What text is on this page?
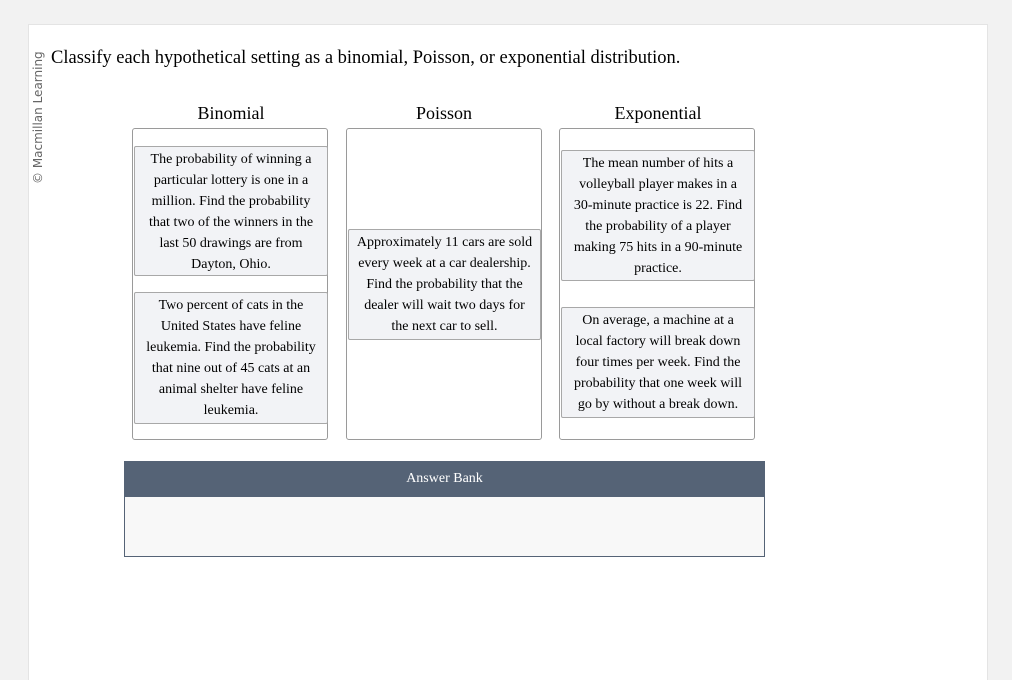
© Macmillan Learning Classify each hypothetical setting as a binomial, Poisson, or exponential distribution.
Binomial	Poisson	Exponential
The probability of winning a particular lottery is one in a million. Find the probability that two of the winners in the last 50 drawings are from Dayton, Ohio.
Two percent of cats in the United States have feline leukemia. Find the probability that nine out of 45 cats at an animal shelter have feline leukemia.
Approximately 11 cars are sold every week at a car dealership. Find the probability that the dealer will wait two days for the next car to sell.
The mean number of hits a volleyball player makes in a 30-minute practice is 22. Find the probability of a player making 75 hits in a 90-minute practice.
On average, a machine at a local factory will break down four times per week. Find the probability that one week will go by without a break down.
Answer Bank
